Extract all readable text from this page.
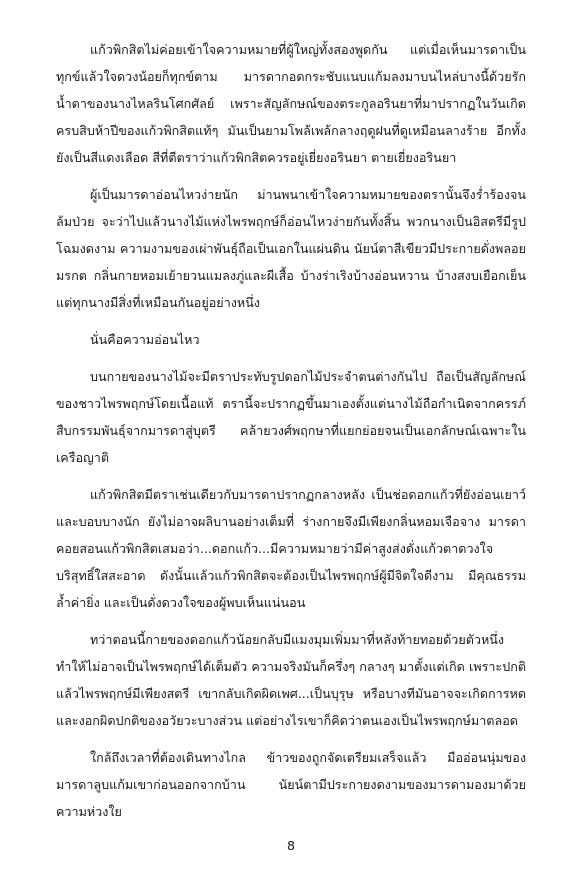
แก้วพิกสิตไม่ค่อยเข้าใจความหมายที่ผู้ใหญ่ทั้งสองพูดกัน แต่เมื่อเห็นมารดาเป็นทุกข์แล้วใจดวงน้อยก็ทุกข์ตาม มารดากอดกระชับแนบแก้มลงมาบนไหล่บางนี้ด้วยรัก น้ำตาของนางไหลรินโศกศัลย์ เพราะสัญลักษณ์ของตระกูลอรินยาที่มาปรากฏในวันเกิดครบสิบห้าปีของแก้วพิกสิตแท้ๆ มันเป็นยามโพล้เพล้กลางฤดูฝนที่ดูเหมือนลางร้าย อีกทั้งยังเป็นสีแดงเลือด สีที่ตีตราว่าแก้วพิกสิตควรอยู่เยี่ยงอรินยา ตายเยี่ยงอรินยา

ผู้เป็นมารดาอ่อนไหวง่ายนัก ม่านพนาเข้าใจความหมายของตรานั้นจึงร่ำร้องจนล้มป่วย จะว่าไปแล้วนางไม้แห่งไพรพฤกษ์ก็อ่อนไหวง่ายกันทั้งสิ้น พวกนางเป็นอิสตรีมีรูปโฉมงดงาม ความงามของเผ่าพันธุ์ถือเป็นเอกในแผ่นดิน นัยน์ตาสีเขียวมีประกายดั่งพลอยมรกต กลิ่นกายหอมเย้ายวนแมลงภู่และผีเสื้อ บ้างร่าเริงบ้างอ่อนหวาน บ้างสงบเยือกเย็น แต่ทุกนางมีสิ่งที่เหมือนกันอยู่อย่างหนึ่ง

นั่นคือความอ่อนไหว

บนกายของนางไม้จะมีตราประทับรูปดอกไม้ประจำตนต่างกันไป ถือเป็นสัญลักษณ์ของชาวไพรพฤกษ์โดยเนื้อแท้ ตรานี้จะปรากฏขึ้นมาเองตั้งแต่นางไม้ถือกำเนิดจากครรภ์ สืบกรรมพันธุ์จากมารดาสู่บุตรี คล้ายวงศ์พฤกษาที่แยกย่อยจนเป็นเอกลักษณ์เฉพาะในเครือญาติ

แก้วพิกสิตมีตราเช่นเดียวกับมารดาปรากฏกลางหลัง เป็นช่อดอกแก้วที่ยังอ่อนเยาว์และบอบบางนัก ยังไม่อาจผลิบานอย่างเต็มที่ ร่างกายจึงมีเพียงกลิ่นหอมเจือจาง มารดาคอยสอนแก้วพิกสิตเสมอว่า...ดอกแก้ว...มีความหมายว่ามีค่าสูงส่งดั่งแก้วตาดวงใจ บริสุทธิ์ใสสะอาด ดังนั้นแล้วแก้วพิกสิตจะต้องเป็นไพรพฤกษ์ผู้มีจิตใจดีงาม มีคุณธรรมล้ำค่ายิ่ง และเป็นดั่งดวงใจของผู้พบเห็นแน่นอน

ทว่าตอนนี้กายของดอกแก้วน้อยกลับมีแมงมุมเพิ่มมาที่หลังท้ายทอยด้วยตัวหนึ่ง ทำให้ไม่อาจเป็นไพรพฤกษ์ได้เต็มตัว ความจริงมันก็ครึ่งๆ กลางๆ มาตั้งแต่เกิด เพราะปกติแล้วไพรพฤกษ์มีเพียงสตรี เขากลับเกิดผิดเพศ...เป็นบุรุษ หรือบางทีมันอาจจะเกิดการหดและงอกผิดปกติของอวัยวะบางส่วน แต่อย่างไรเขาก็คิดว่าตนเองเป็นไพรพฤกษ์มาตลอด

ใกล้ถึงเวลาที่ต้องเดินทางไกล ข้าวของถูกจัดเตรียมเสร็จแล้ว มืออ่อนนุ่มของมารดาลูบแก้มเขาก่อนออกจากบ้าน นัยน์ตามีประกายงดงามของมารดามองมาด้วยความห่วงใย

8
